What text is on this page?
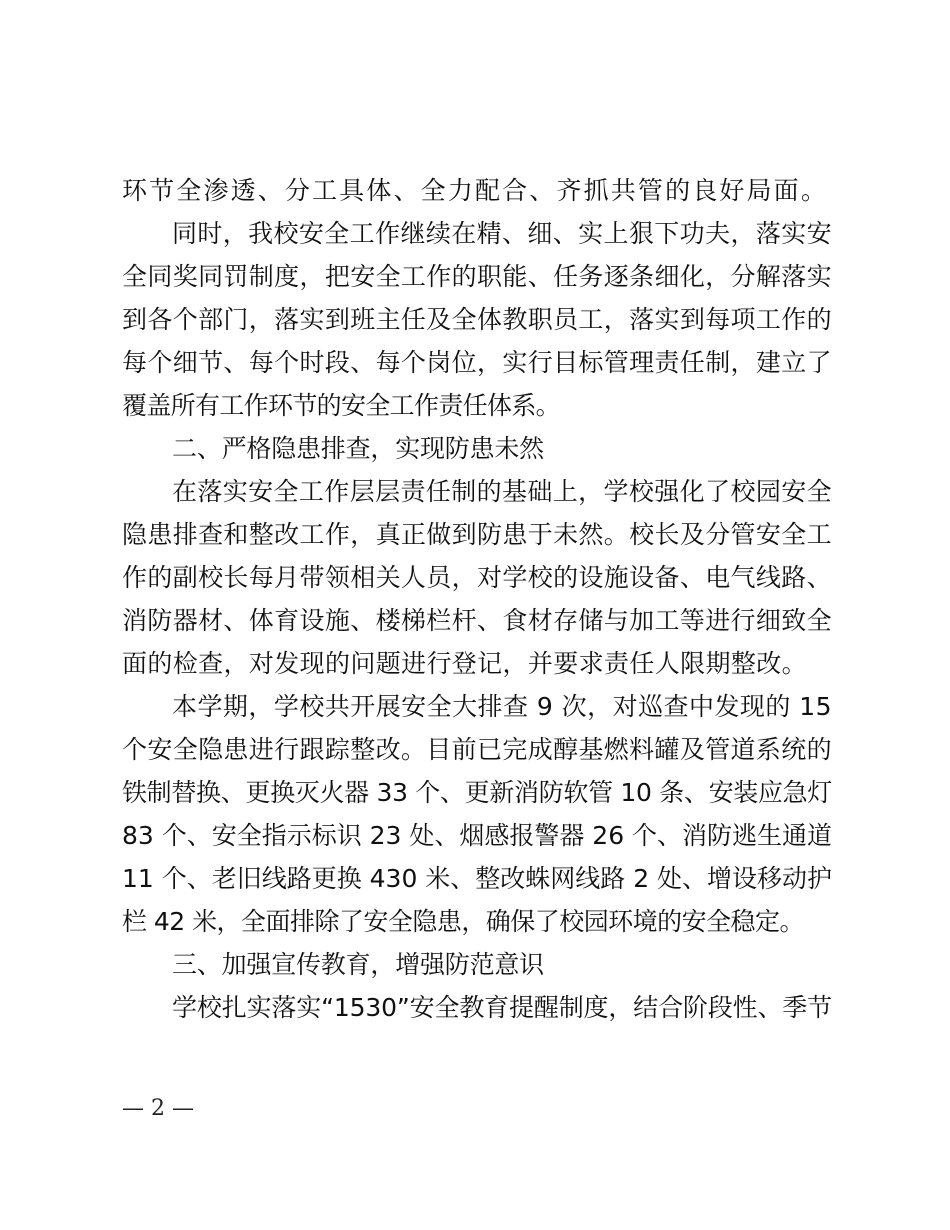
环节全渗透、分工具体、全力配合、齐抓共管的良好局面。
同时，我校安全工作继续在精、细、实上狠下功夫，落实安
全同奖同罚制度，把安全工作的职能、任务逐条细化，分解落实
到各个部门，落实到班主任及全体教职员工，落实到每项工作的
每个细节、每个时段、每个岗位，实行目标管理责任制，建立了
覆盖所有工作环节的安全工作责任体系。
二、严格隐患排查，实现防患未然
在落实安全工作层层责任制的基础上，学校强化了校园安全
隐患排查和整改工作，真正做到防患于未然。校长及分管安全工
作的副校长每月带领相关人员，对学校的设施设备、电气线路、
消防器材、体育设施、楼梯栏杆、食材存储与加工等进行细致全
面的检查，对发现的问题进行登记，并要求责任人限期整改。
本学期，学校共开展安全大排查 9 次，对巡查中发现的 15
个安全隐患进行跟踪整改。目前已完成醇基燃料罐及管道系统的
铁制替换、更换灭火器 33 个、更新消防软管 10 条、安装应急灯
83 个、安全指示标识 23 处、烟感报警器 26 个、消防逃生通道
11 个、老旧线路更换 430 米、整改蛛网线路 2 处、增设移动护
栏 42 米，全面排除了安全隐患，确保了校园环境的安全稳定。
三、加强宣传教育，增强防范意识
学校扎实落实“1530”安全教育提醒制度，结合阶段性、季节
— 2 —
